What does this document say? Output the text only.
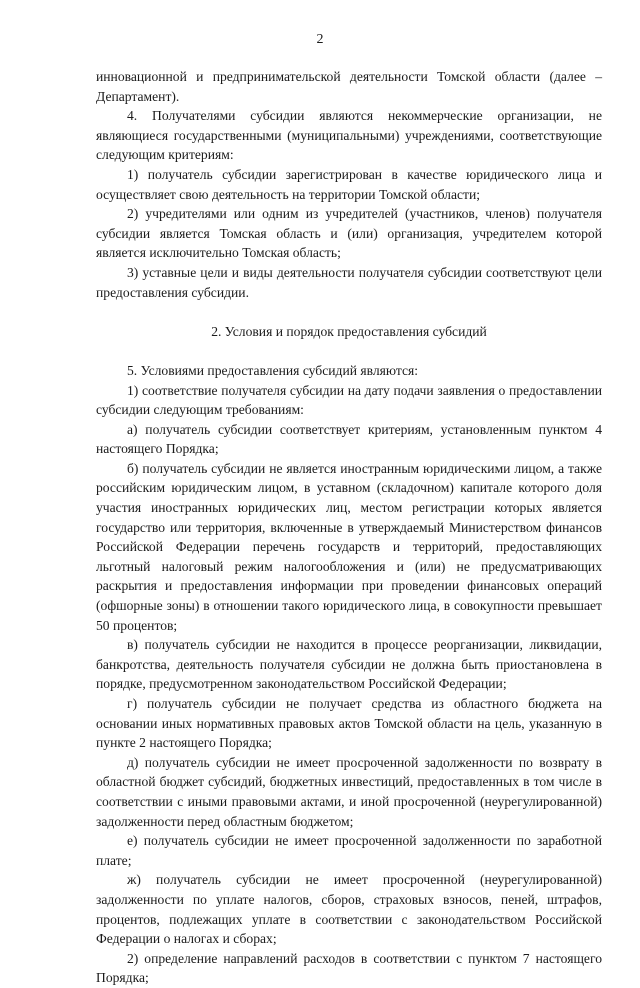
2

инновационной и предпринимательской деятельности Томской области (далее – Департамент).

4. Получателями субсидии являются некоммерческие организации, не являющиеся государственными (муниципальными) учреждениями, соответствующие следующим критериям:

1) получатель субсидии зарегистрирован в качестве юридического лица и осуществляет свою деятельность на территории Томской области;

2) учредителями или одним из учредителей (участников, членов) получателя субсидии является Томская область и (или) организация, учредителем которой является исключительно Томская область;

3) уставные цели и виды деятельности получателя субсидии соответствуют цели предоставления субсидии.

2. Условия и порядок предоставления субсидий

5. Условиями предоставления субсидий являются:

1) соответствие получателя субсидии на дату подачи заявления о предоставлении субсидии следующим требованиям:

а) получатель субсидии соответствует критериям, установленным пунктом 4 настоящего Порядка;

б) получатель субсидии не является иностранным юридическими лицом, а также российским юридическим лицом, в уставном (складочном) капитале которого доля участия иностранных юридических лиц, местом регистрации которых является государство или территория, включенные в утверждаемый Министерством финансов Российской Федерации перечень государств и территорий, предоставляющих льготный налоговый режим налогообложения и (или) не предусматривающих раскрытия и предоставления информации при проведении финансовых операций (офшорные зоны) в отношении такого юридического лица, в совокупности превышает 50 процентов;

в) получатель субсидии не находится в процессе реорганизации, ликвидации, банкротства, деятельность получателя субсидии не должна быть приостановлена в порядке, предусмотренном законодательством Российской Федерации;

г) получатель субсидии не получает средства из областного бюджета на основании иных нормативных правовых актов Томской области на цель, указанную в пункте 2 настоящего Порядка;

д) получатель субсидии не имеет просроченной задолженности по возврату в областной бюджет субсидий, бюджетных инвестиций, предоставленных в том числе в соответствии с иными правовыми актами, и иной просроченной (неурегулированной) задолженности перед областным бюджетом;

е) получатель субсидии не имеет просроченной задолженности по заработной плате;

ж) получатель субсидии не имеет просроченной (неурегулированной) задолженности по уплате налогов, сборов, страховых взносов, пеней, штрафов, процентов, подлежащих уплате в соответствии с законодательством Российской Федерации о налогах и сборах;

2) определение направлений расходов в соответствии с пунктом 7 настоящего Порядка;
